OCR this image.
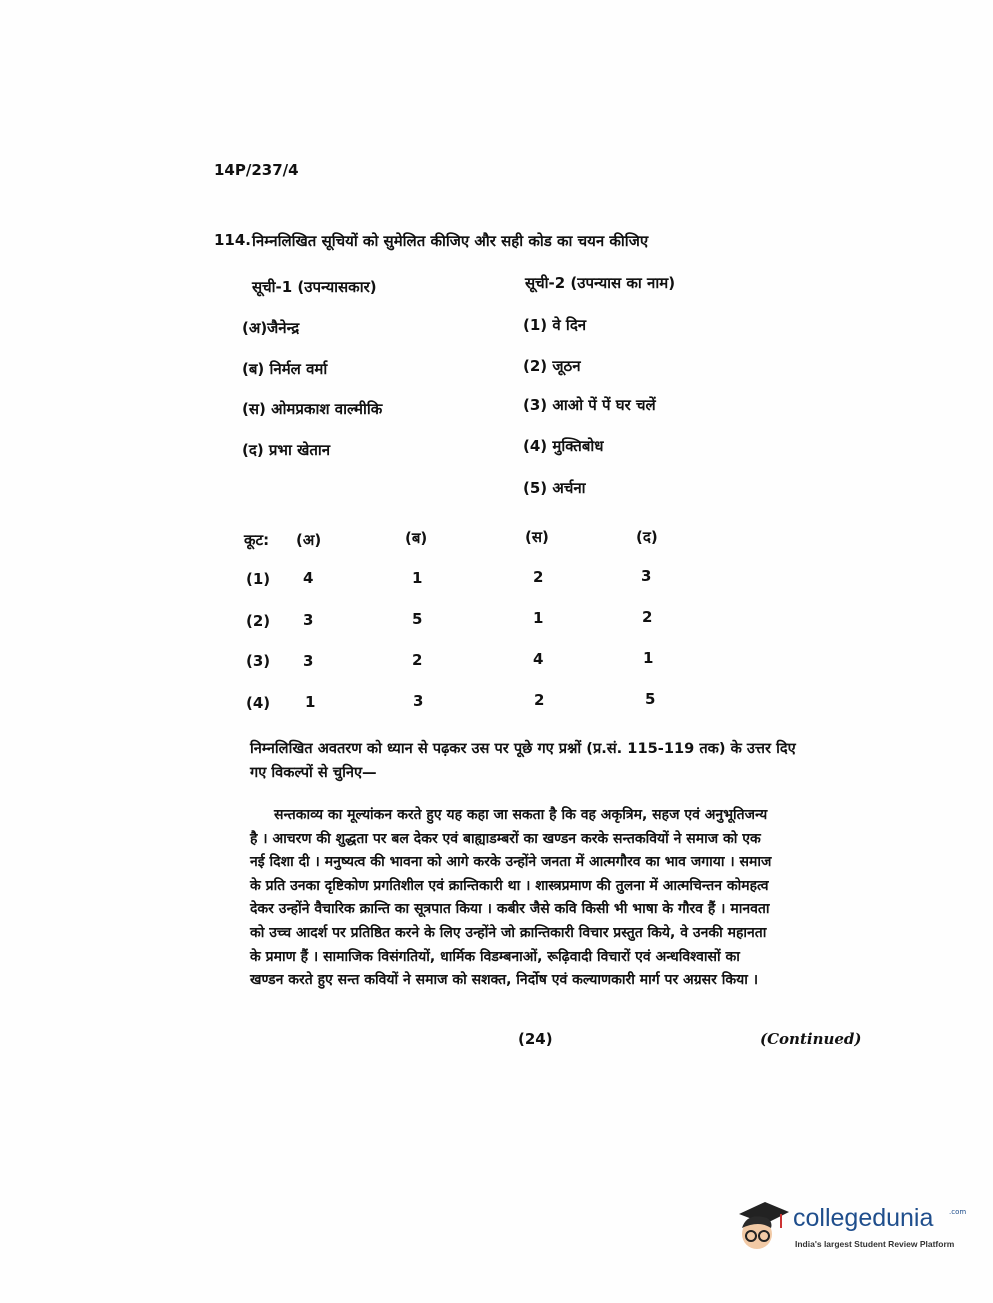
14P/237/4
114. निम्नलिखित सूचियों को सुमेलित कीजिए और सही कोड का चयन कीजिए
सूची-1 (उपन्यासकार)
(अ)जैनेन्द्र
(ब) निर्मल वर्मा
(स) ओमप्रकाश वाल्मीकि
(द) प्रभा खेतान
सूची-2 (उपन्यास का नाम)
(1) वे दिन
(2) जूठन
(3) आओ पें पें घर चलें
(4) मुक्तिबोध
(5) अर्चना
कूट: (अ)	(ब)	(स)	(द)
(1) 4	1	2	3
(2) 3	5	1	2
(3) 3	2	4	1
(4) 1	3	2	5
निम्नलिखित अवतरण को ध्यान से पढ़कर उस पर पूछे गए प्रश्नों (प्र.सं. 115-119 तक) के उत्तर दिए
गए विकल्पों से चुनिए—
सन्तकाव्य का मूल्यांकन करते हुए यह कहा जा सकता है कि वह अकृत्रिम, सहज एवं अनुभूतिजन्य
है । आचरण की शुद्धता पर बल देकर एवं बाह्याडम्बरों का खण्डन करके सन्तकवियों ने समाज को एक
नई दिशा दी । मनुष्यत्व की भावना को आगे करके उन्होंने जनता में आत्मगौरव का भाव जगाया । समाज
के प्रति उनका दृष्टिकोण प्रगतिशील एवं क्रान्तिकारी था । शास्त्रप्रमाण की तुलना में आत्मचिन्तन कोमहत्व
देकर उन्होंने वैचारिक क्रान्ति का सूत्रपात किया । कबीर जैसे कवि किसी भी भाषा के गौरव हैं । मानवता
को उच्च आदर्श पर प्रतिष्ठित करने के लिए उन्होंने जो क्रान्तिकारी विचार प्रस्तुत किये, वे उनकी महानता
के प्रमाण हैं । सामाजिक विसंगतियों, धार्मिक विडम्बनाओं, रूढ़िवादी विचारों एवं अन्धविश्वासों का
खण्डन करते हुए सन्त कवियों ने समाज को सशक्त, निर्दोष एवं कल्याणकारी मार्ग पर अग्रसर किया ।
(24)	(Continued)
collegedunia .com
India's largest Student Review Platform
